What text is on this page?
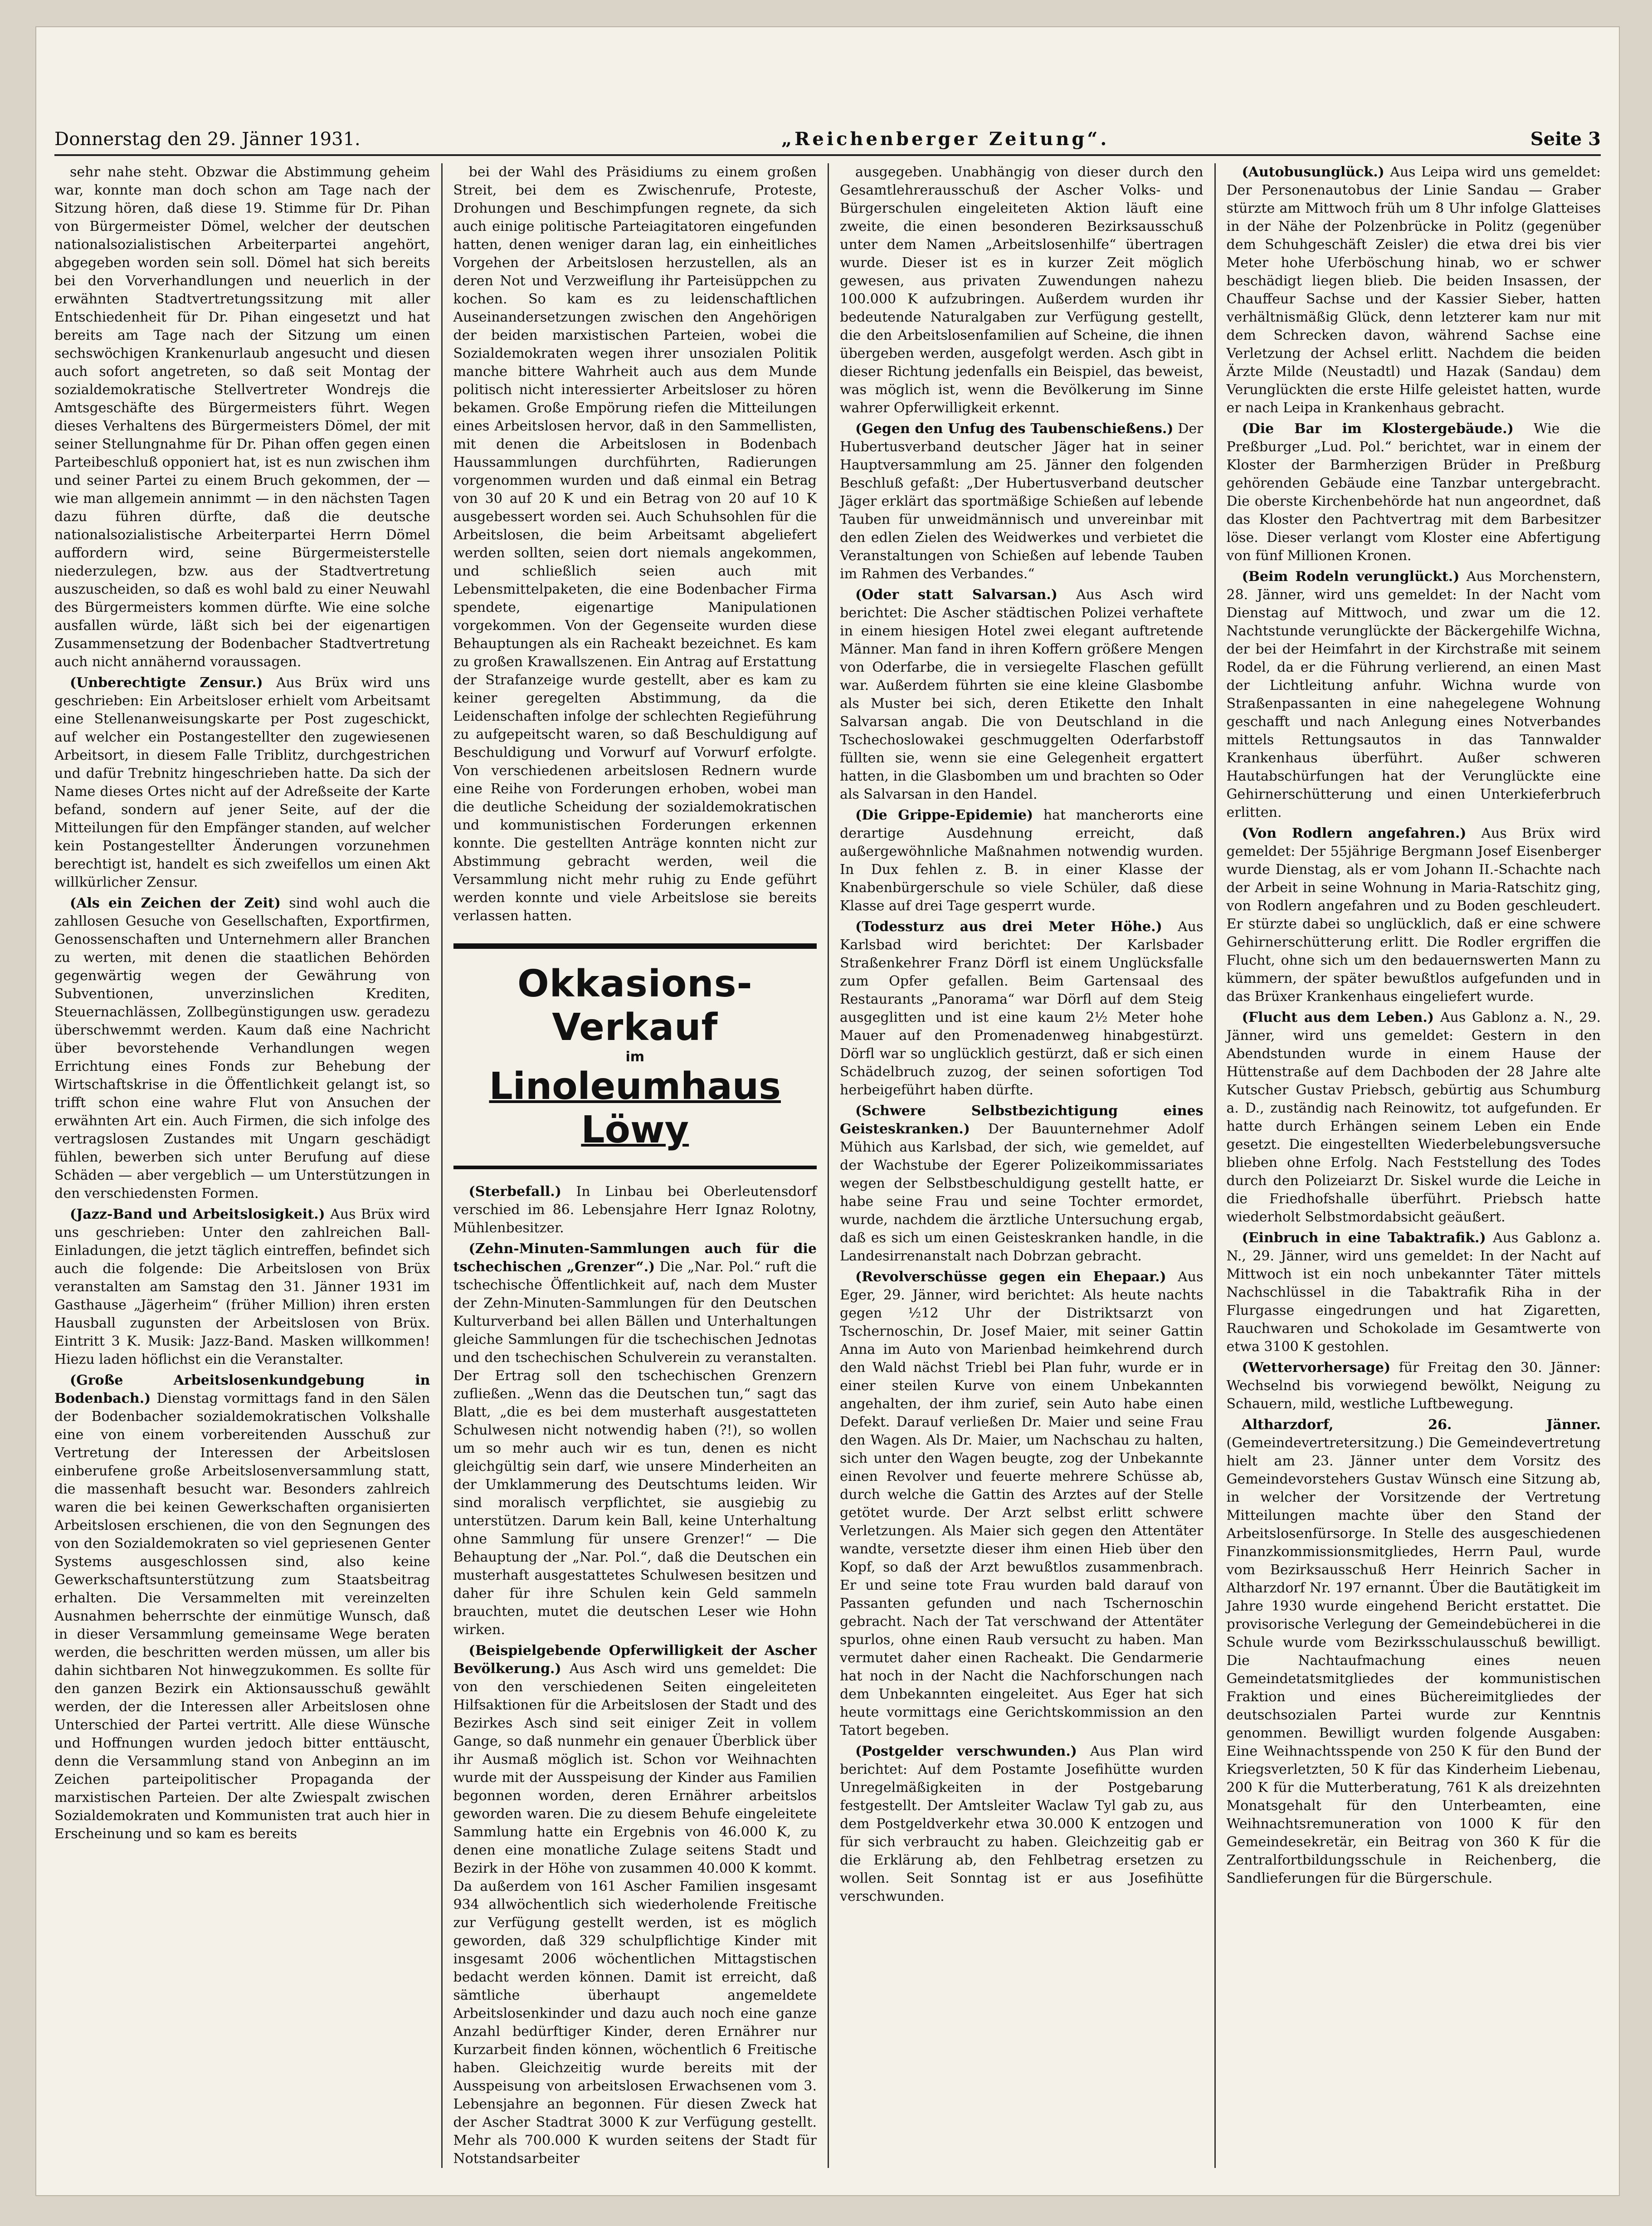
Donnerstag den 29. Jänner 1931.	„Reichenberger Zeitung“.	Seite 3

sehr nahe steht. Obzwar die Abstimmung geheim war, konnte man doch schon am Tage nach der Sitzung hören, daß diese 19. Stimme für Dr. Pihan von Bürgermeister Dömel, welcher der deutschen nationalsozialistischen Arbeiterpartei angehört, abgegeben worden sein soll. Dömel hat sich bereits bei den Vorverhandlungen und neuerlich in der erwähnten Stadtvertretungssitzung mit aller Entschiedenheit für Dr. Pihan eingesetzt und hat bereits am Tage nach der Sitzung um einen sechswöchigen Krankenurlaub angesucht und diesen auch sofort angetreten, so daß seit Montag der sozialdemokratische Stellvertreter Wondrejs die Amtsgeschäfte des Bürgermeisters führt. Wegen dieses Verhaltens des Bürgermeisters Dömel, der mit seiner Stellungnahme für Dr. Pihan offen gegen einen Parteibeschluß opponiert hat, ist es nun zwischen ihm und seiner Partei zu einem Bruch gekommen, der — wie man allgemein annimmt — in den nächsten Tagen dazu führen dürfte, daß die deutsche nationalsozialistische Arbeiterpartei Herrn Dömel auffordern wird, seine Bürgermeisterstelle niederzulegen, bzw. aus der Stadtvertretung auszuscheiden, so daß es wohl bald zu einer Neuwahl des Bürgermeisters kommen dürfte. Wie eine solche ausfallen würde, läßt sich bei der eigenartigen Zusammensetzung der Bodenbacher Stadtvertretung auch nicht annähernd voraussagen.

(Unberechtigte Zensur.) Aus Brüx wird uns geschrieben: Ein Arbeitsloser erhielt vom Arbeitsamt eine Stellenanweisungskarte per Post zugeschickt, auf welcher ein Postangestellter den zugewiesenen Arbeitsort, in diesem Falle Triblitz, durchgestrichen und dafür Trebnitz hingeschrieben hatte. Da sich der Name dieses Ortes nicht auf der Adreßseite der Karte befand, sondern auf jener Seite, auf der die Mitteilungen für den Empfänger standen, auf welcher kein Postangestellter Änderungen vorzunehmen berechtigt ist, handelt es sich zweifellos um einen Akt willkürlicher Zensur.

(Als ein Zeichen der Zeit) sind wohl auch die zahllosen Gesuche von Gesellschaften, Exportfirmen, Genossenschaften und Unternehmern aller Branchen zu werten, mit denen die staatlichen Behörden gegenwärtig wegen der Gewährung von Subventionen, unverzinslichen Krediten, Steuernachlässen, Zollbegünstigungen usw. geradezu überschwemmt werden. Kaum daß eine Nachricht über bevorstehende Verhandlungen wegen Errichtung eines Fonds zur Behebung der Wirtschaftskrise in die Öffentlichkeit gelangt ist, so trifft schon eine wahre Flut von Ansuchen der erwähnten Art ein. Auch Firmen, die sich infolge des vertragslosen Zustandes mit Ungarn geschädigt fühlen, bewerben sich unter Berufung auf diese Schäden — aber vergeblich — um Unterstützungen in den verschiedensten Formen.

(Jazz-Band und Arbeitslosigkeit.) Aus Brüx wird uns geschrieben: Unter den zahlreichen Ball-Einladungen, die jetzt täglich eintreffen, befindet sich auch die folgende: Die Arbeitslosen von Brüx veranstalten am Samstag den 31. Jänner 1931 im Gasthause „Jägerheim“ (früher Million) ihren ersten Hausball zugunsten der Arbeitslosen von Brüx. Eintritt 3 K. Musik: Jazz-Band. Masken willkommen! Hiezu laden höflichst ein die Veranstalter.

(Große Arbeitslosenkundgebung in Bodenbach.) Dienstag vormittags fand in den Sälen der Bodenbacher sozialdemokratischen Volkshalle eine von einem vorbereitenden Ausschuß zur Vertretung der Interessen der Arbeitslosen einberufene große Arbeitslosenversammlung statt, die massenhaft besucht war. Besonders zahlreich waren die bei keinen Gewerkschaften organisierten Arbeitslosen erschienen, die von den Segnungen des von den Sozialdemokraten so viel gepriesenen Genter Systems ausgeschlossen sind, also keine Gewerkschaftsunterstützung zum Staatsbeitrag erhalten. Die Versammelten mit vereinzelten Ausnahmen beherrschte der einmütige Wunsch, daß in dieser Versammlung gemeinsame Wege beraten werden, die beschritten werden müssen, um aller bis dahin sichtbaren Not hinwegzukommen. Es sollte für den ganzen Bezirk ein Aktionsausschuß gewählt werden, der die Interessen aller Arbeitslosen ohne Unterschied der Partei vertritt. Alle diese Wünsche und Hoffnungen wurden jedoch bitter enttäuscht, denn die Versammlung stand von Anbeginn an im Zeichen parteipolitischer Propaganda der marxistischen Parteien. Der alte Zwiespalt zwischen Sozialdemokraten und Kommunisten trat auch hier in Erscheinung und so kam es bereits

bei der Wahl des Präsidiums zu einem großen Streit, bei dem es Zwischenrufe, Proteste, Drohungen und Beschimpfungen regnete, da sich auch einige politische Parteiagitatoren eingefunden hatten, denen weniger daran lag, ein einheitliches Vorgehen der Arbeitslosen herzustellen, als an deren Not und Verzweiflung ihr Parteisüppchen zu kochen. So kam es zu leidenschaftlichen Auseinandersetzungen zwischen den Angehörigen der beiden marxistischen Parteien, wobei die Sozialdemokraten wegen ihrer unsozialen Politik manche bittere Wahrheit auch aus dem Munde politisch nicht interessierter Arbeitsloser zu hören bekamen. Große Empörung riefen die Mitteilungen eines Arbeitslosen hervor, daß in den Sammellisten, mit denen die Arbeitslosen in Bodenbach Haussammlungen durchführten, Radierungen vorgenommen wurden und daß einmal ein Betrag von 30 auf 20 K und ein Betrag von 20 auf 10 K ausgebessert worden sei. Auch Schuhsohlen für die Arbeitslosen, die beim Arbeitsamt abgeliefert werden sollten, seien dort niemals angekommen, und schließlich seien auch mit Lebensmittelpaketen, die eine Bodenbacher Firma spendete, eigenartige Manipulationen vorgekommen. Von der Gegenseite wurden diese Behauptungen als ein Racheakt bezeichnet. Es kam zu großen Krawallszenen. Ein Antrag auf Erstattung der Strafanzeige wurde gestellt, aber es kam zu keiner geregelten Abstimmung, da die Leidenschaften infolge der schlechten Regieführung zu aufgepeitscht waren, so daß Beschuldigung auf Beschuldigung und Vorwurf auf Vorwurf erfolgte. Von verschiedenen arbeitslosen Rednern wurde eine Reihe von Forderungen erhoben, wobei man die deutliche Scheidung der sozialdemokratischen und kommunistischen Forderungen erkennen konnte. Die gestellten Anträge konnten nicht zur Abstimmung gebracht werden, weil die Versammlung nicht mehr ruhig zu Ende geführt werden konnte und viele Arbeitslose sie bereits verlassen hatten.

Okkasions-Verkauf
im
Linoleumhaus Löwy

(Sterbefall.) In Linbau bei Oberleutensdorf verschied im 86. Lebensjahre Herr Ignaz Rolotny, Mühlenbesitzer.

(Zehn-Minuten-Sammlungen auch für die tschechischen „Grenzer“.) Die „Nar. Pol.“ ruft die tschechische Öffentlichkeit auf, nach dem Muster der Zehn-Minuten-Sammlungen für den Deutschen Kulturverband bei allen Bällen und Unterhaltungen gleiche Sammlungen für die tschechischen Jednotas und den tschechischen Schulverein zu veranstalten. Der Ertrag soll den tschechischen Grenzern zufließen. „Wenn das die Deutschen tun,“ sagt das Blatt, „die es bei dem musterhaft ausgestatteten Schulwesen nicht notwendig haben (?!), so wollen um so mehr auch wir es tun, denen es nicht gleichgültig sein darf, wie unsere Minderheiten an der Umklammerung des Deutschtums leiden. Wir sind moralisch verpflichtet, sie ausgiebig zu unterstützen. Darum kein Ball, keine Unterhaltung ohne Sammlung für unsere Grenzer!“ — Die Behauptung der „Nar. Pol.“, daß die Deutschen ein musterhaft ausgestattetes Schulwesen besitzen und daher für ihre Schulen kein Geld sammeln brauchten, mutet die deutschen Leser wie Hohn wirken.

(Beispielgebende Opferwilligkeit der Ascher Bevölkerung.) Aus Asch wird uns gemeldet: Die von den verschiedenen Seiten eingeleiteten Hilfsaktionen für die Arbeitslosen der Stadt und des Bezirkes Asch sind seit einiger Zeit in vollem Gange, so daß nunmehr ein genauer Überblick über ihr Ausmaß möglich ist. Schon vor Weihnachten wurde mit der Ausspeisung der Kinder aus Familien begonnen worden, deren Ernährer arbeitslos geworden waren. Die zu diesem Behufe eingeleitete Sammlung hatte ein Ergebnis von 46.000 K, zu denen eine monatliche Zulage seitens Stadt und Bezirk in der Höhe von zusammen 40.000 K kommt. Da außerdem von 161 Ascher Familien insgesamt 934 allwöchentlich sich wiederholende Freitische zur Verfügung gestellt werden, ist es möglich geworden, daß 329 schulpflichtige Kinder mit insgesamt 2006 wöchentlichen Mittagstischen bedacht werden können. Damit ist erreicht, daß sämtliche überhaupt angemeldete Arbeitslosenkinder und dazu auch noch eine ganze Anzahl bedürftiger Kinder, deren Ernährer nur Kurzarbeit finden können, wöchentlich 6 Freitische haben. Gleichzeitig wurde bereits mit der Ausspeisung von arbeitslosen Erwachsenen vom 3. Lebensjahre an begonnen. Für diesen Zweck hat der Ascher Stadtrat 3000 K zur Verfügung gestellt. Mehr als 700.000 K wurden seitens der Stadt für Notstandsarbeiter

ausgegeben. Unabhängig von dieser durch den Gesamtlehrerausschuß der Ascher Volks- und Bürgerschulen eingeleiteten Aktion läuft eine zweite, die einen besonderen Bezirksausschuß unter dem Namen „Arbeitslosenhilfe“ übertragen wurde. Dieser ist es in kurzer Zeit möglich gewesen, aus privaten Zuwendungen nahezu 100.000 K aufzubringen. Außerdem wurden ihr bedeutende Naturalgaben zur Verfügung gestellt, die den Arbeitslosenfamilien auf Scheine, die ihnen übergeben werden, ausgefolgt werden. Asch gibt in dieser Richtung jedenfalls ein Beispiel, das beweist, was möglich ist, wenn die Bevölkerung im Sinne wahrer Opferwilligkeit erkennt.

(Gegen den Unfug des Taubenschießens.) Der Hubertusverband deutscher Jäger hat in seiner Hauptversammlung am 25. Jänner den folgenden Beschluß gefaßt: „Der Hubertusverband deutscher Jäger erklärt das sportmäßige Schießen auf lebende Tauben für unweidmännisch und unvereinbar mit den edlen Zielen des Weidwerkes und verbietet die Veranstaltungen von Schießen auf lebende Tauben im Rahmen des Verbandes.“

(Oder statt Salvarsan.) Aus Asch wird berichtet: Die Ascher städtischen Polizei verhaftete in einem hiesigen Hotel zwei elegant auftretende Männer. Man fand in ihren Koffern größere Mengen von Oderfarbe, die in versiegelte Flaschen gefüllt war. Außerdem führten sie eine kleine Glasbombe als Muster bei sich, deren Etikette den Inhalt Salvarsan angab. Die von Deutschland in die Tschechoslowakei geschmuggelten Oderfarbstoff füllten sie, wenn sie eine Gelegenheit ergattert hatten, in die Glasbomben um und brachten so Oder als Salvarsan in den Handel.

(Die Grippe-Epidemie) hat mancherorts eine derartige Ausdehnung erreicht, daß außergewöhnliche Maßnahmen notwendig wurden. In Dux fehlen z. B. in einer Klasse der Knabenbürgerschule so viele Schüler, daß diese Klasse auf drei Tage gesperrt wurde.

(Todessturz aus drei Meter Höhe.) Aus Karlsbad wird berichtet: Der Karlsbader Straßenkehrer Franz Dörfl ist einem Unglücksfalle zum Opfer gefallen. Beim Gartensaal des Restaurants „Panorama“ war Dörfl auf dem Steig ausgeglitten und ist eine kaum 2½ Meter hohe Mauer auf den Promenadenweg hinabgestürzt. Dörfl war so unglücklich gestürzt, daß er sich einen Schädelbruch zuzog, der seinen sofortigen Tod herbeigeführt haben dürfte.

(Schwere Selbstbezichtigung eines Geisteskranken.) Der Bauunternehmer Adolf Mühich aus Karlsbad, der sich, wie gemeldet, auf der Wachstube der Egerer Polizeikommissariates wegen der Selbstbeschuldigung gestellt hatte, er habe seine Frau und seine Tochter ermordet, wurde, nachdem die ärztliche Untersuchung ergab, daß es sich um einen Geisteskranken handle, in die Landesirrenanstalt nach Dobrzan gebracht.

(Revolverschüsse gegen ein Ehepaar.) Aus Eger, 29. Jänner, wird berichtet: Als heute nachts gegen ½12 Uhr der Distriktsarzt von Tschernoschin, Dr. Josef Maier, mit seiner Gattin Anna im Auto von Marienbad heimkehrend durch den Wald nächst Triebl bei Plan fuhr, wurde er in einer steilen Kurve von einem Unbekannten angehalten, der ihm zurief, sein Auto habe einen Defekt. Darauf verließen Dr. Maier und seine Frau den Wagen. Als Dr. Maier, um Nachschau zu halten, sich unter den Wagen beugte, zog der Unbekannte einen Revolver und feuerte mehrere Schüsse ab, durch welche die Gattin des Arztes auf der Stelle getötet wurde. Der Arzt selbst erlitt schwere Verletzungen. Als Maier sich gegen den Attentäter wandte, versetzte dieser ihm einen Hieb über den Kopf, so daß der Arzt bewußtlos zusammenbrach. Er und seine tote Frau wurden bald darauf von Passanten gefunden und nach Tschernoschin gebracht. Nach der Tat verschwand der Attentäter spurlos, ohne einen Raub versucht zu haben. Man vermutet daher einen Racheakt. Die Gendarmerie hat noch in der Nacht die Nachforschungen nach dem Unbekannten eingeleitet. Aus Eger hat sich heute vormittags eine Gerichtskommission an den Tatort begeben.

(Postgelder verschwunden.) Aus Plan wird berichtet: Auf dem Postamte Josefihütte wurden Unregelmäßigkeiten in der Postgebarung festgestellt. Der Amtsleiter Waclaw Tyl gab zu, aus dem Postgeldverkehr etwa 30.000 K entzogen und für sich verbraucht zu haben. Gleichzeitig gab er die Erklärung ab, den Fehlbetrag ersetzen zu wollen. Seit Sonntag ist er aus Josefihütte verschwunden.

(Autobusunglück.) Aus Leipa wird uns gemeldet: Der Personenautobus der Linie Sandau — Graber stürzte am Mittwoch früh um 8 Uhr infolge Glatteises in der Nähe der Polzenbrücke in Politz (gegenüber dem Schuhgeschäft Zeisler) die etwa drei bis vier Meter hohe Uferböschung hinab, wo er schwer beschädigt liegen blieb. Die beiden Insassen, der Chauffeur Sachse und der Kassier Sieber, hatten verhältnismäßig Glück, denn letzterer kam nur mit dem Schrecken davon, während Sachse eine Verletzung der Achsel erlitt. Nachdem die beiden Ärzte Milde (Neustadtl) und Hazak (Sandau) dem Verunglückten die erste Hilfe geleistet hatten, wurde er nach Leipa in Krankenhaus gebracht.

(Die Bar im Klostergebäude.) Wie die Preßburger „Lud. Pol.“ berichtet, war in einem der Kloster der Barmherzigen Brüder in Preßburg gehörenden Gebäude eine Tanzbar untergebracht. Die oberste Kirchenbehörde hat nun angeordnet, daß das Kloster den Pachtvertrag mit dem Barbesitzer löse. Dieser verlangt vom Kloster eine Abfertigung von fünf Millionen Kronen.

(Beim Rodeln verunglückt.) Aus Morchenstern, 28. Jänner, wird uns gemeldet: In der Nacht vom Dienstag auf Mittwoch, und zwar um die 12. Nachtstunde verunglückte der Bäckergehilfe Wichna, der bei der Heimfahrt in der Kirchstraße mit seinem Rodel, da er die Führung verlierend, an einen Mast der Lichtleitung anfuhr. Wichna wurde von Straßenpassanten in eine nahegelegene Wohnung geschafft und nach Anlegung eines Notverbandes mittels Rettungsautos in das Tannwalder Krankenhaus überführt. Außer schweren Hautabschürfungen hat der Verunglückte eine Gehirnerschütterung und einen Unterkieferbruch erlitten.

(Von Rodlern angefahren.) Aus Brüx wird gemeldet: Der 55jährige Bergmann Josef Eisenberger wurde Dienstag, als er vom Johann II.-Schachte nach der Arbeit in seine Wohnung in Maria-Ratschitz ging, von Rodlern angefahren und zu Boden geschleudert. Er stürzte dabei so unglücklich, daß er eine schwere Gehirnerschütterung erlitt. Die Rodler ergriffen die Flucht, ohne sich um den bedauernswerten Mann zu kümmern, der später bewußtlos aufgefunden und in das Brüxer Krankenhaus eingeliefert wurde.

(Flucht aus dem Leben.) Aus Gablonz a. N., 29. Jänner, wird uns gemeldet: Gestern in den Abendstunden wurde in einem Hause der Hüttenstraße auf dem Dachboden der 28 Jahre alte Kutscher Gustav Priebsch, gebürtig aus Schumburg a. D., zuständig nach Reinowitz, tot aufgefunden. Er hatte durch Erhängen seinem Leben ein Ende gesetzt. Die eingestellten Wiederbelebungsversuche blieben ohne Erfolg. Nach Feststellung des Todes durch den Polizeiarzt Dr. Siskel wurde die Leiche in die Friedhofshalle überführt. Priebsch hatte wiederholt Selbstmordabsicht geäußert.

(Einbruch in eine Tabaktrafik.) Aus Gablonz a. N., 29. Jänner, wird uns gemeldet: In der Nacht auf Mittwoch ist ein noch unbekannter Täter mittels Nachschlüssel in die Tabaktrafik Riha in der Flurgasse eingedrungen und hat Zigaretten, Rauchwaren und Schokolade im Gesamtwerte von etwa 3100 K gestohlen.

(Wettervorhersage) für Freitag den 30. Jänner: Wechselnd bis vorwiegend bewölkt, Neigung zu Schauern, mild, westliche Luftbewegung.

Altharzdorf, 26. Jänner. (Gemeindevertretersitzung.) Die Gemeindevertretung hielt am 23. Jänner unter dem Vorsitz des Gemeindevorstehers Gustav Wünsch eine Sitzung ab, in welcher der Vorsitzende der Vertretung Mitteilungen machte über den Stand der Arbeitslosenfürsorge. In Stelle des ausgeschiedenen Finanzkommissionsmitgliedes, Herrn Paul, wurde vom Bezirksausschuß Herr Heinrich Sacher in Altharzdorf Nr. 197 ernannt. Über die Bautätigkeit im Jahre 1930 wurde eingehend Bericht erstattet. Die provisorische Verlegung der Gemeindebücherei in die Schule wurde vom Bezirksschulausschuß bewilligt. Die Nachtaufmachung eines neuen Gemeindetatsmitgliedes der kommunistischen Fraktion und eines Büchereimitgliedes der deutschsozialen Partei wurde zur Kenntnis genommen. Bewilligt wurden folgende Ausgaben: Eine Weihnachtsspende von 250 K für den Bund der Kriegsverletzten, 50 K für das Kinderheim Liebenau, 200 K für die Mutterberatung, 761 K als dreizehnten Monatsgehalt für den Unterbeamten, eine Weihnachtsremuneration von 1000 K für den Gemeindesekretär, ein Beitrag von 360 K für die Zentralfortbildungsschule in Reichenberg, die Sandlieferungen für die Bürgerschule.
